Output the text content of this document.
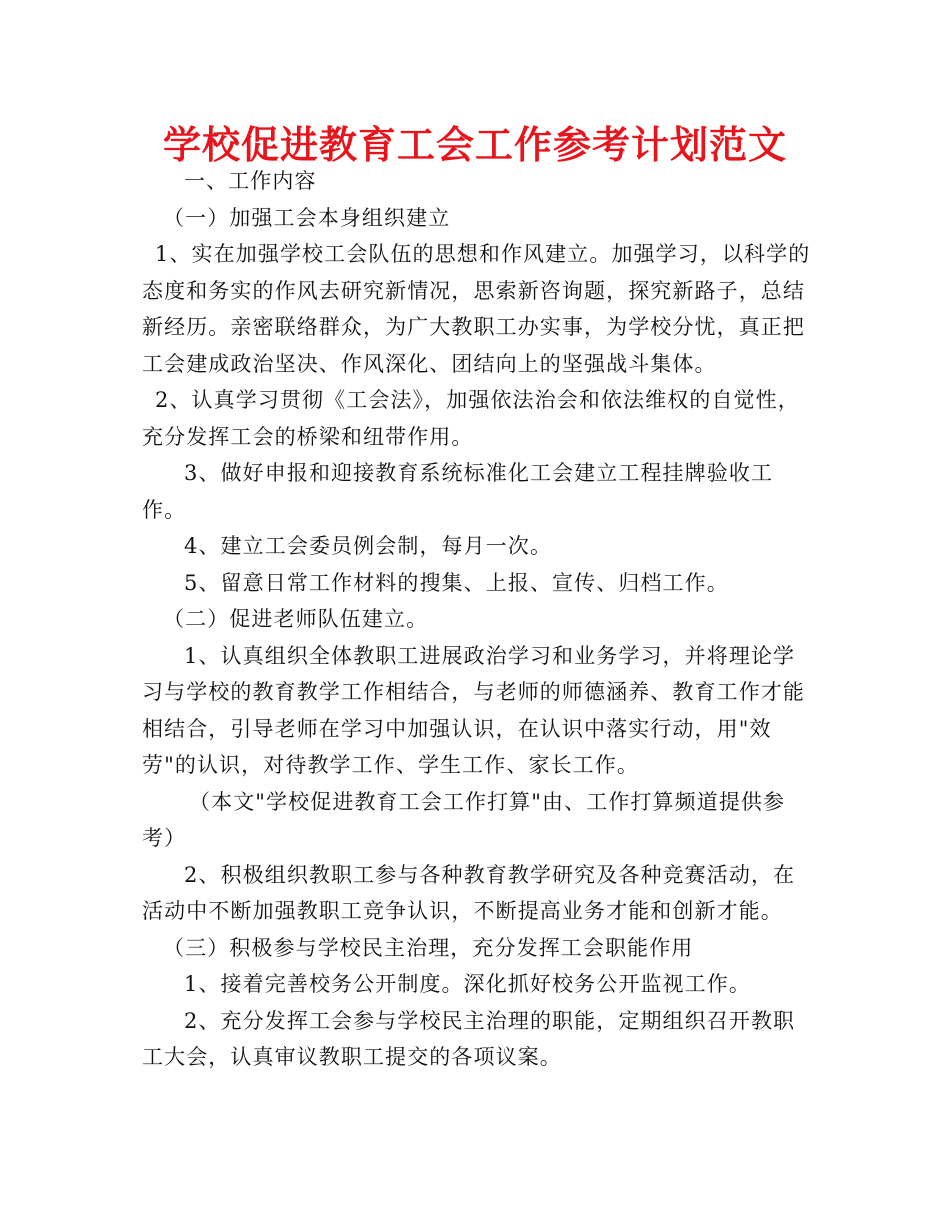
学校促进教育工会工作参考计划范文

一、工作内容

（一）加强工会本身组织建立

1、实在加强学校工会队伍的思想和作风建立。加强学习，以科学的态度和务实的作风去研究新情况，思索新咨询题，探究新路子，总结新经历。亲密联络群众，为广大教职工办实事，为学校分忧，真正把工会建成政治坚决、作风深化、团结向上的坚强战斗集体。

2、认真学习贯彻《工会法》，加强依法治会和依法维权的自觉性，充分发挥工会的桥梁和纽带作用。

3、做好申报和迎接教育系统标准化工会建立工程挂牌验收工作。

4、建立工会委员例会制，每月一次。

5、留意日常工作材料的搜集、上报、宣传、归档工作。

（二）促进老师队伍建立。

1、认真组织全体教职工进展政治学习和业务学习，并将理论学习与学校的教育教学工作相结合，与老师的师德涵养、教育工作才能相结合，引导老师在学习中加强认识，在认识中落实行动，用"效劳"的认识，对待教学工作、学生工作、家长工作。

（本文"学校促进教育工会工作打算"由、工作打算频道提供参考）

2、积极组织教职工参与各种教育教学研究及各种竞赛活动，在活动中不断加强教职工竞争认识，不断提高业务才能和创新才能。

（三）积极参与学校民主治理，充分发挥工会职能作用

1、接着完善校务公开制度。深化抓好校务公开监视工作。

2、充分发挥工会参与学校民主治理的职能，定期组织召开教职工大会，认真审议教职工提交的各项议案。
